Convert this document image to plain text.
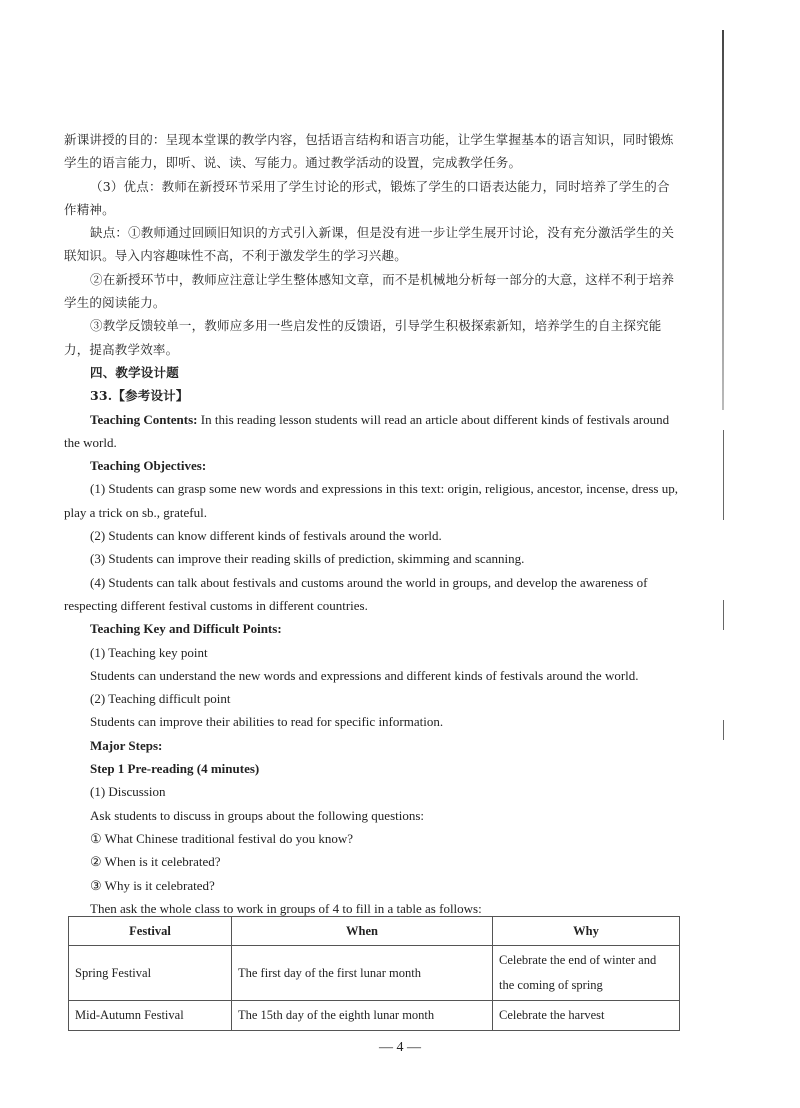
新课讲授的目的：呈现本堂课的教学内容，包括语言结构和语言功能，让学生掌握基本的语言知识，同时锻炼学生的语言能力，即听、说、读、写能力。通过教学活动的设置，完成教学任务。

（3）优点：教师在新授环节采用了学生讨论的形式，锻炼了学生的口语表达能力，同时培养了学生的合作精神。

缺点：①教师通过回顾旧知识的方式引入新课，但是没有进一步让学生展开讨论，没有充分激活学生的关联知识。导入内容趣味性不高，不利于激发学生的学习兴趣。

②在新授环节中，教师应注意让学生整体感知文章，而不是机械地分析每一部分的大意，这样不利于培养学生的阅读能力。

③教学反馈较单一，教师应多用一些启发性的反馈语，引导学生积极探索新知，培养学生的自主探究能力，提高教学效率。

四、教学设计题

33.【参考设计】

Teaching Contents: In this reading lesson students will read an article about different kinds of festivals around the world.

Teaching Objectives:

(1) Students can grasp some new words and expressions in this text: origin, religious, ancestor, incense, dress up, play a trick on sb., grateful.

(2) Students can know different kinds of festivals around the world.

(3) Students can improve their reading skills of prediction, skimming and scanning.

(4) Students can talk about festivals and customs around the world in groups, and develop the awareness of respecting different festival customs in different countries.

Teaching Key and Difficult Points:

(1) Teaching key point

Students can understand the new words and expressions and different kinds of festivals around the world.

(2) Teaching difficult point

Students can improve their abilities to read for specific information.

Major Steps:

Step 1 Pre-reading (4 minutes)

(1) Discussion

Ask students to discuss in groups about the following questions:

① What Chinese traditional festival do you know?

② When is it celebrated?

③ Why is it celebrated?

Then ask the whole class to work in groups of 4 to fill in a table as follows:

Festival	When	Why
Spring Festival	The first day of the first lunar month	Celebrate the end of winter and the coming of spring
Mid-Autumn Festival	The 15th day of the eighth lunar month	Celebrate the harvest
— 4 —
